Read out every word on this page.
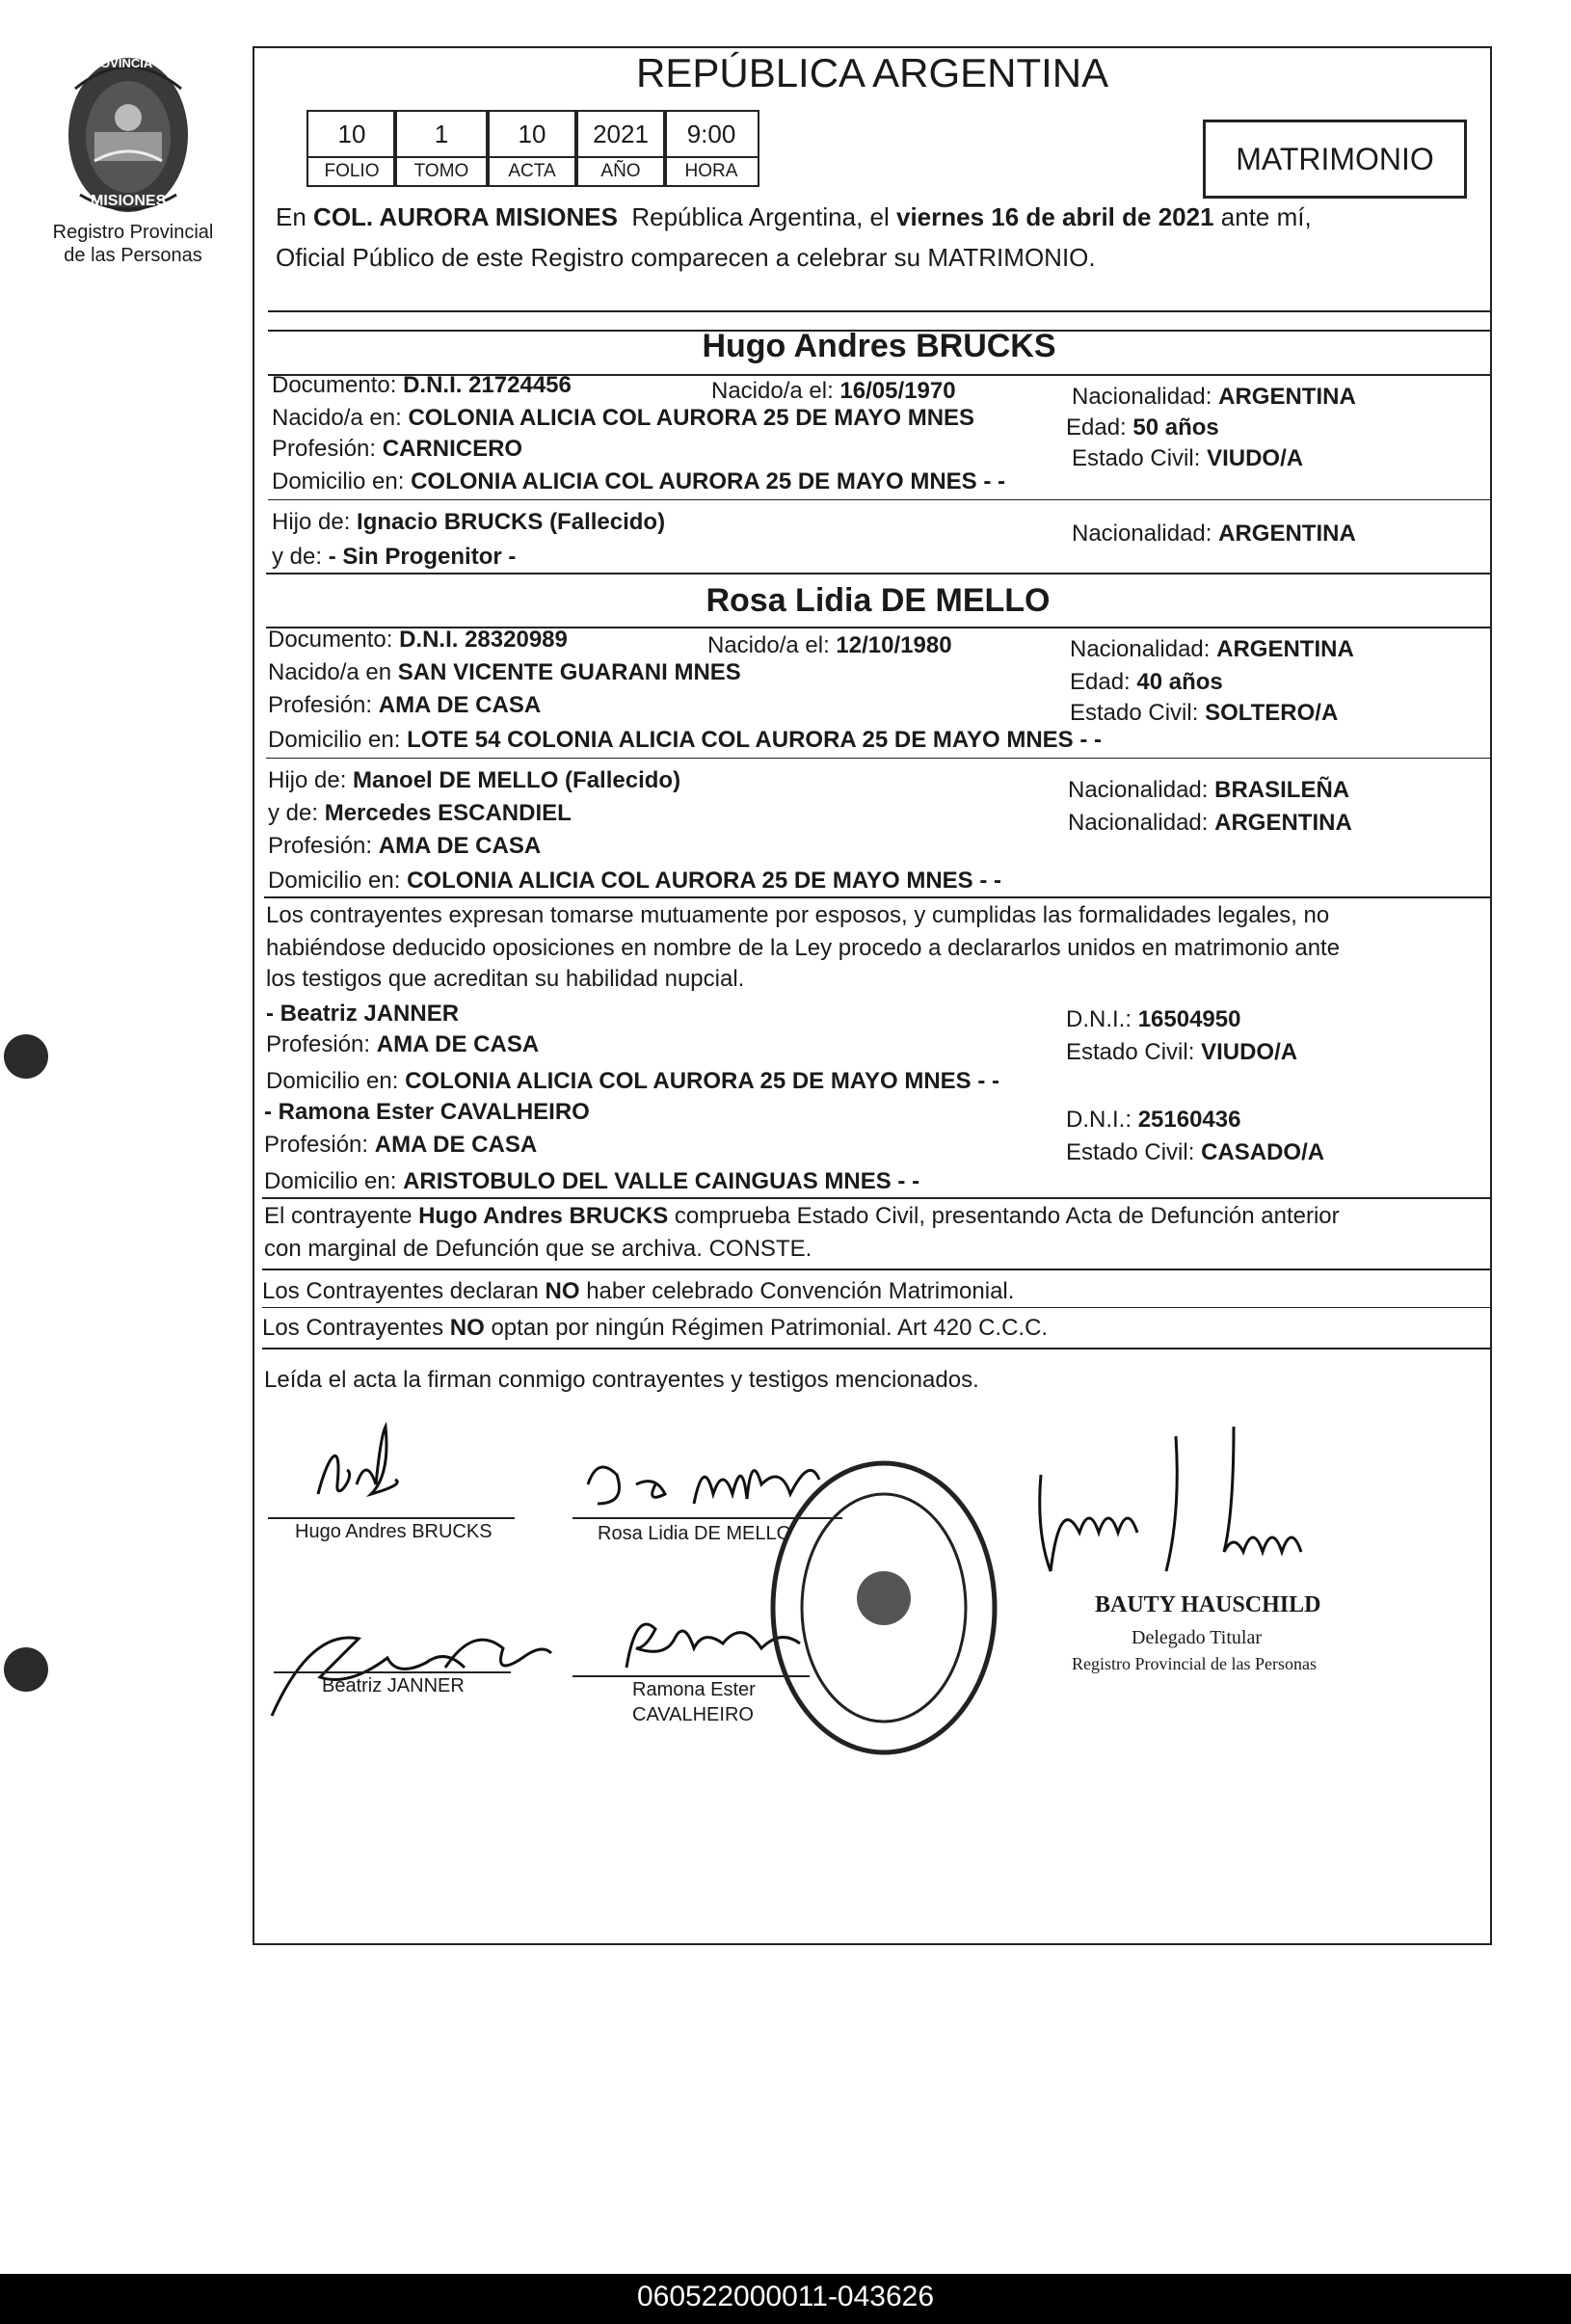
PROVINCIA DE
MISIONES
Registro Provincial
de las Personas
REPÚBLICA ARGENTINA
10	1	10	2021	9:00
FOLIO	TOMO	ACTA	AÑO	HORA	MATRIMONIO
En COL. AURORA MISIONES República Argentina, el viernes 16 de abril de 2021 ante mí,
Oficial Público de este Registro comparecen a celebrar su MATRIMONIO.
Hugo Andres BRUCKS
Documento: D.N.I. 21724456	Nacido/a el: 16/05/1970	Nacionalidad: ARGENTINA
Nacido/a en: COLONIA ALICIA COL AURORA 25 DE MAYO MNES	Edad: 50 años
Profesión: CARNICERO	Estado Civil: VIUDO/A
Domicilio en: COLONIA ALICIA COL AURORA 25 DE MAYO MNES - -
Hijo de: Ignacio BRUCKS (Fallecido)	Nacionalidad: ARGENTINA
y de: - Sin Progenitor -
Rosa Lidia DE MELLO
Documento: D.N.I. 28320989	Nacido/a el: 12/10/1980	Nacionalidad: ARGENTINA
Nacido/a en SAN VICENTE GUARANI MNES	Edad: 40 años
Profesión: AMA DE CASA	Estado Civil: SOLTERO/A
Domicilio en: LOTE 54 COLONIA ALICIA COL AURORA 25 DE MAYO MNES - -
Hijo de: Manoel DE MELLO (Fallecido)	Nacionalidad: BRASILEÑA
y de: Mercedes ESCANDIEL	Nacionalidad: ARGENTINA
Profesión: AMA DE CASA
Domicilio en: COLONIA ALICIA COL AURORA 25 DE MAYO MNES - -
Los contrayentes expresan tomarse mutuamente por esposos, y cumplidas las formalidades legales, no
habiéndose deducido oposiciones en nombre de la Ley procedo a declararlos unidos en matrimonio ante
los testigos que acreditan su habilidad nupcial.
- Beatriz JANNER	D.N.I.: 16504950
Profesión: AMA DE CASA	Estado Civil: VIUDO/A
Domicilio en: COLONIA ALICIA COL AURORA 25 DE MAYO MNES - -
- Ramona Ester CAVALHEIRO	D.N.I.: 25160436
Profesión: AMA DE CASA	Estado Civil: CASADO/A
Domicilio en: ARISTOBULO DEL VALLE CAINGUAS MNES - -
El contrayente Hugo Andres BRUCKS comprueba Estado Civil, presentando Acta de Defunción anterior
con marginal de Defunción que se archiva. CONSTE.
Los Contrayentes declaran NO haber celebrado Convención Matrimonial.
Los Contrayentes NO optan por ningún Régimen Patrimonial. Art 420 C.C.C.
Leída el acta la firman conmigo contrayentes y testigos mencionados.
Hugo Andres BRUCKS	Rosa Lidia DE MELLO
Beatriz JANNER	Ramona Ester
CAVALHEIRO
BAUTY HAUSCHILD
Delegado Titular
Registro Provincial de las Personas
060522000011-043626
